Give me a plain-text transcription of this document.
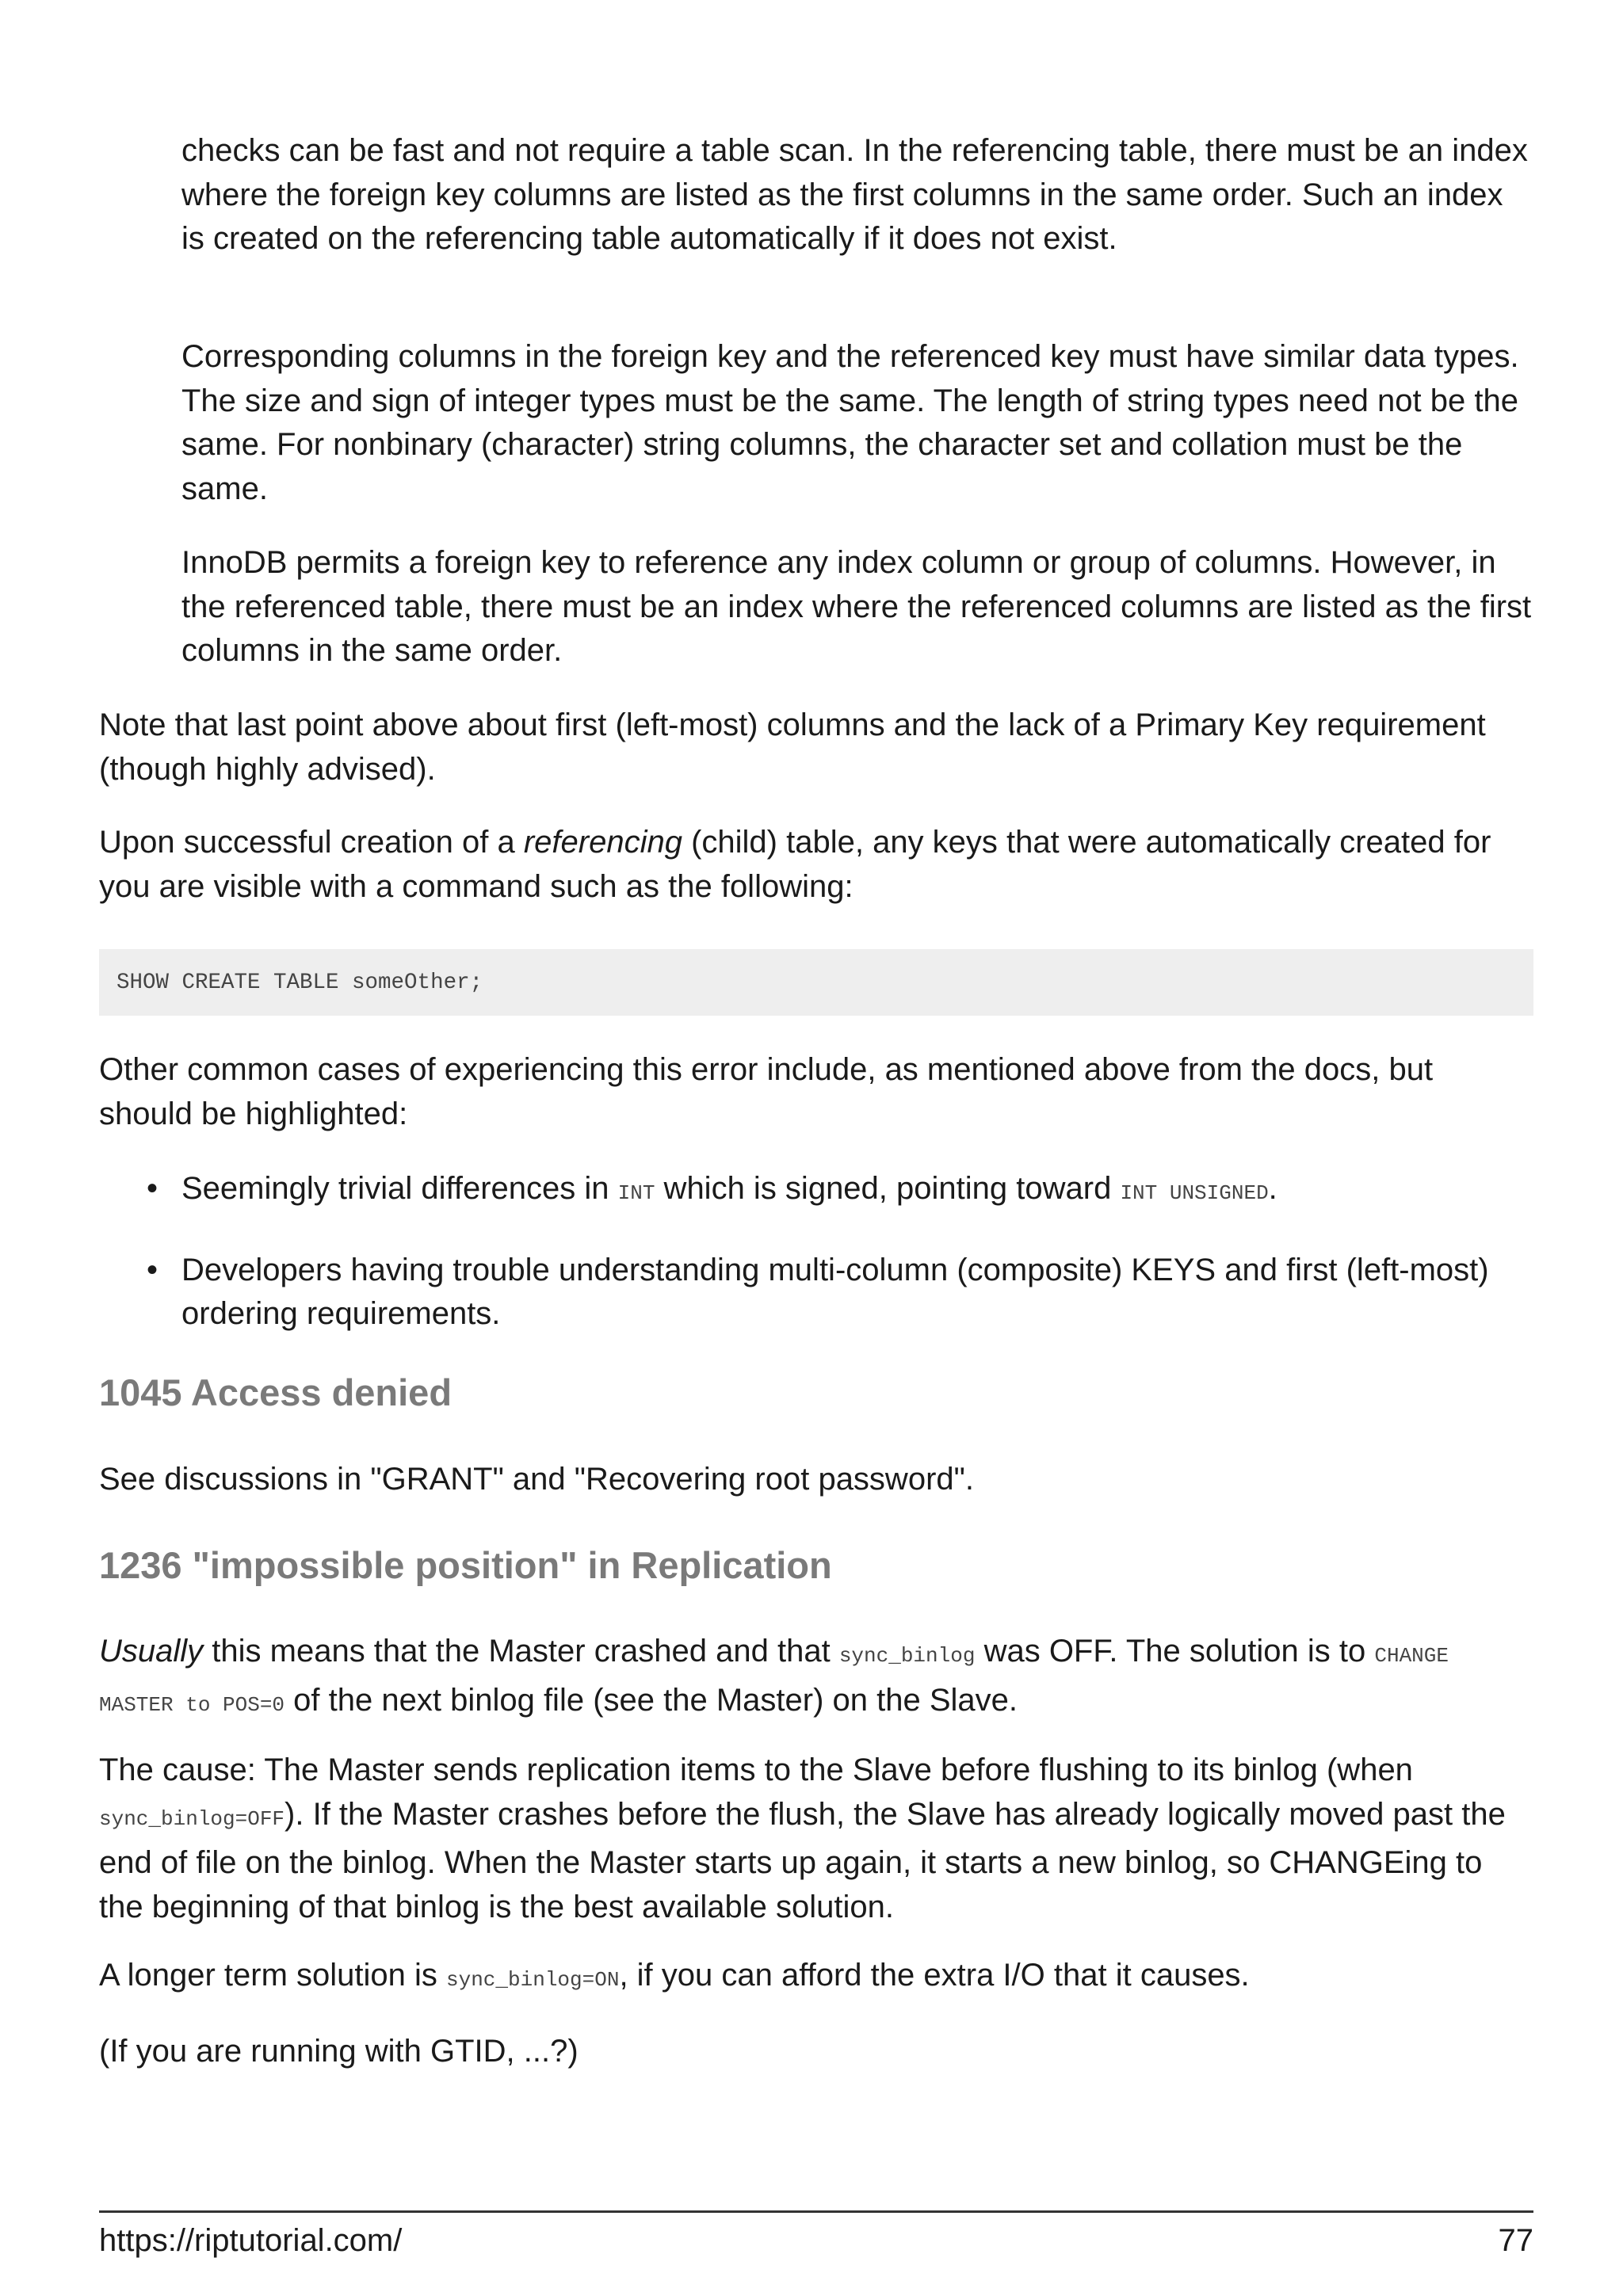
checks can be fast and not require a table scan. In the referencing table, there must be an index where the foreign key columns are listed as the first columns in the same order. Such an index is created on the referencing table automatically if it does not exist.

Corresponding columns in the foreign key and the referenced key must have similar data types. The size and sign of integer types must be the same. The length of string types need not be the same. For nonbinary (character) string columns, the character set and collation must be the same.

InnoDB permits a foreign key to reference any index column or group of columns. However, in the referenced table, there must be an index where the referenced columns are listed as the first columns in the same order.

Note that last point above about first (left-most) columns and the lack of a Primary Key requirement (though highly advised).

Upon successful creation of a referencing (child) table, any keys that were automatically created for you are visible with a command such as the following:

SHOW CREATE TABLE someOther;

Other common cases of experiencing this error include, as mentioned above from the docs, but should be highlighted:

• Seemingly trivial differences in INT which is signed, pointing toward INT UNSIGNED.
• Developers having trouble understanding multi-column (composite) KEYS and first (left-most) ordering requirements.
1045 Access denied

See discussions in "GRANT" and "Recovering root password".

1236 "impossible position" in Replication

Usually this means that the Master crashed and that sync_binlog was OFF. The solution is to CHANGE MASTER to POS=0 of the next binlog file (see the Master) on the Slave.

The cause: The Master sends replication items to the Slave before flushing to its binlog (when sync_binlog=OFF). If the Master crashes before the flush, the Slave has already logically moved past the end of file on the binlog. When the Master starts up again, it starts a new binlog, so CHANGEing to the beginning of that binlog is the best available solution.

A longer term solution is sync_binlog=ON, if you can afford the extra I/O that it causes.

(If you are running with GTID, ...?)

https://riptutorial.com/	77
